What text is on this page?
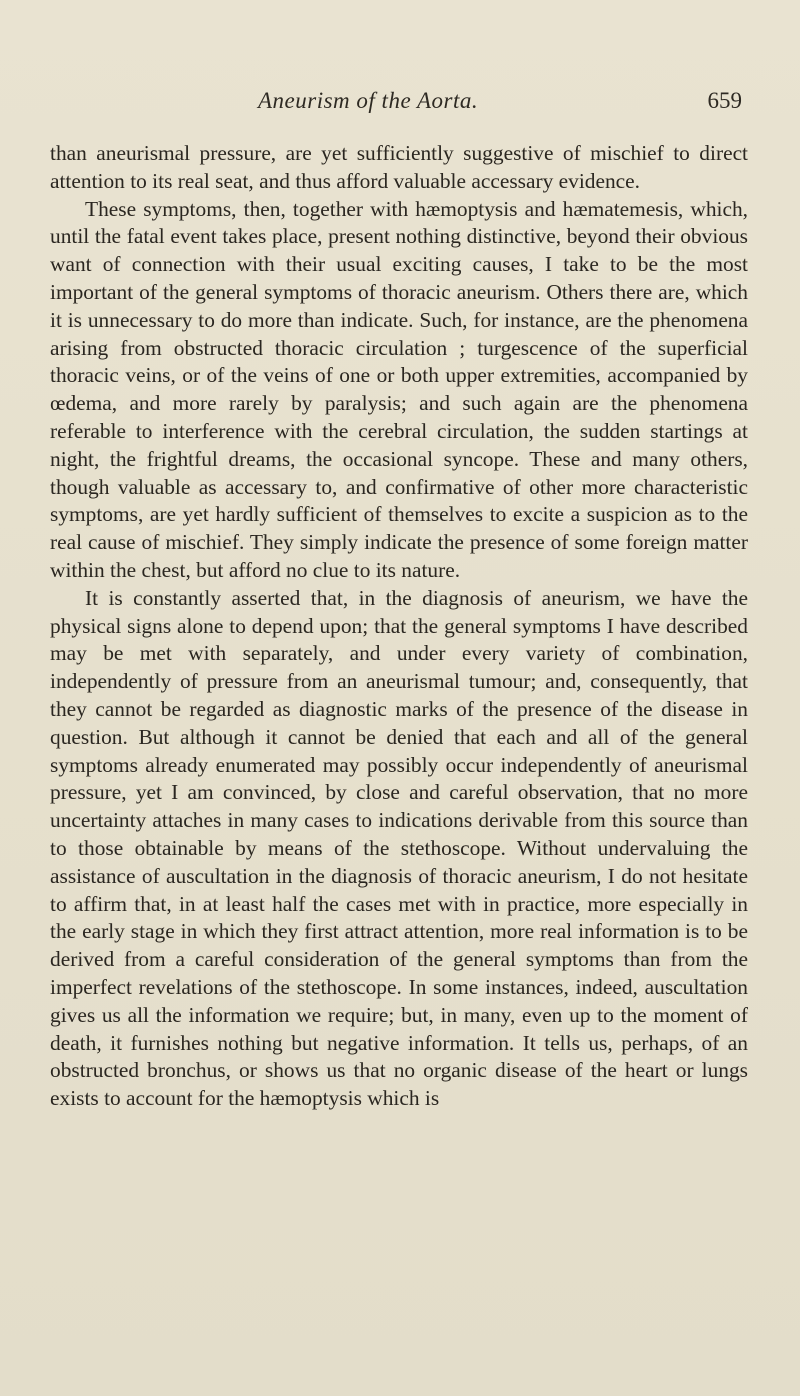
Aneurism of the Aorta.	659

than aneurismal pressure, are yet sufficiently suggestive of mischief to direct attention to its real seat, and thus afford valuable accessary evidence.

These symptoms, then, together with hæmoptysis and hæmatemesis, which, until the fatal event takes place, present nothing distinctive, beyond their obvious want of connection with their usual exciting causes, I take to be the most important of the general symptoms of thoracic aneurism. Others there are, which it is unnecessary to do more than indicate. Such, for instance, are the phenomena arising from obstructed thoracic circulation ; turgescence of the superficial thoracic veins, or of the veins of one or both upper extremities, accompanied by œdema, and more rarely by paralysis; and such again are the phenomena referable to interference with the cerebral circulation, the sudden startings at night, the frightful dreams, the occasional syncope. These and many others, though valuable as accessary to, and confirmative of other more characteristic symptoms, are yet hardly sufficient of themselves to excite a suspicion as to the real cause of mischief. They simply indicate the presence of some foreign matter within the chest, but afford no clue to its nature.

It is constantly asserted that, in the diagnosis of aneurism, we have the physical signs alone to depend upon; that the general symptoms I have described may be met with separately, and under every variety of combination, independently of pressure from an aneurismal tumour; and, consequently, that they cannot be regarded as diagnostic marks of the presence of the disease in question. But although it cannot be denied that each and all of the general symptoms already enumerated may possibly occur independently of aneurismal pressure, yet I am convinced, by close and careful observation, that no more uncertainty attaches in many cases to indications derivable from this source than to those obtainable by means of the stethoscope. Without undervaluing the assistance of auscultation in the diagnosis of thoracic aneurism, I do not hesitate to affirm that, in at least half the cases met with in practice, more especially in the early stage in which they first attract attention, more real information is to be derived from a careful consideration of the general symptoms than from the imperfect revelations of the stethoscope. In some instances, indeed, auscultation gives us all the information we require; but, in many, even up to the moment of death, it furnishes nothing but negative information. It tells us, perhaps, of an obstructed bronchus, or shows us that no organic disease of the heart or lungs exists to account for the hæmoptysis which is
